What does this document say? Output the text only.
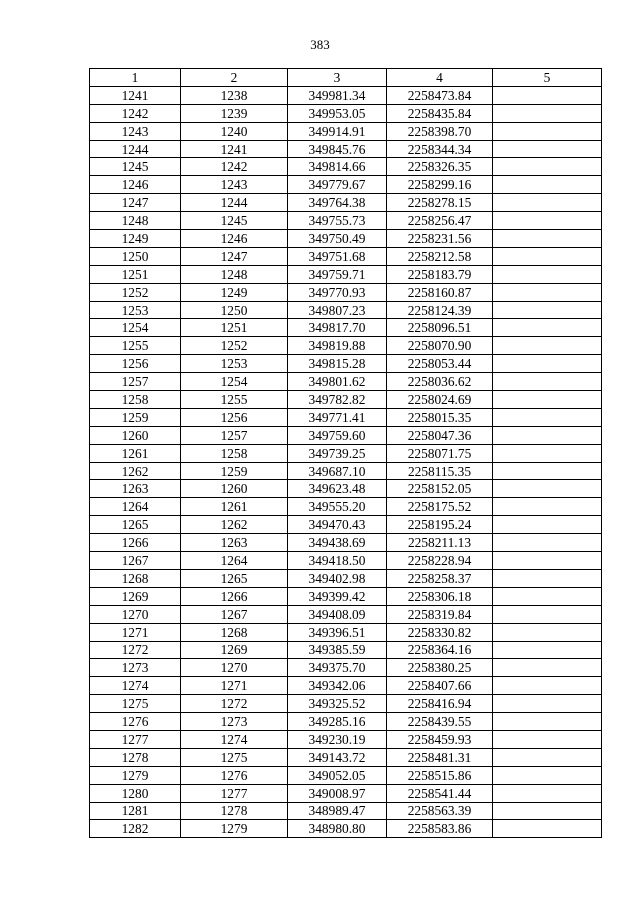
383
1	2	3	4	5
1241	1238	349981.34	2258473.84	
1242	1239	349953.05	2258435.84	
1243	1240	349914.91	2258398.70	
1244	1241	349845.76	2258344.34	
1245	1242	349814.66	2258326.35	
1246	1243	349779.67	2258299.16	
1247	1244	349764.38	2258278.15	
1248	1245	349755.73	2258256.47	
1249	1246	349750.49	2258231.56	
1250	1247	349751.68	2258212.58	
1251	1248	349759.71	2258183.79	
1252	1249	349770.93	2258160.87	
1253	1250	349807.23	2258124.39	
1254	1251	349817.70	2258096.51	
1255	1252	349819.88	2258070.90	
1256	1253	349815.28	2258053.44	
1257	1254	349801.62	2258036.62	
1258	1255	349782.82	2258024.69	
1259	1256	349771.41	2258015.35	
1260	1257	349759.60	2258047.36	
1261	1258	349739.25	2258071.75	
1262	1259	349687.10	2258115.35	
1263	1260	349623.48	2258152.05	
1264	1261	349555.20	2258175.52	
1265	1262	349470.43	2258195.24	
1266	1263	349438.69	2258211.13	
1267	1264	349418.50	2258228.94	
1268	1265	349402.98	2258258.37	
1269	1266	349399.42	2258306.18	
1270	1267	349408.09	2258319.84	
1271	1268	349396.51	2258330.82	
1272	1269	349385.59	2258364.16	
1273	1270	349375.70	2258380.25	
1274	1271	349342.06	2258407.66	
1275	1272	349325.52	2258416.94	
1276	1273	349285.16	2258439.55	
1277	1274	349230.19	2258459.93	
1278	1275	349143.72	2258481.31	
1279	1276	349052.05	2258515.86	
1280	1277	349008.97	2258541.44	
1281	1278	348989.47	2258563.39	
1282	1279	348980.80	2258583.86	
